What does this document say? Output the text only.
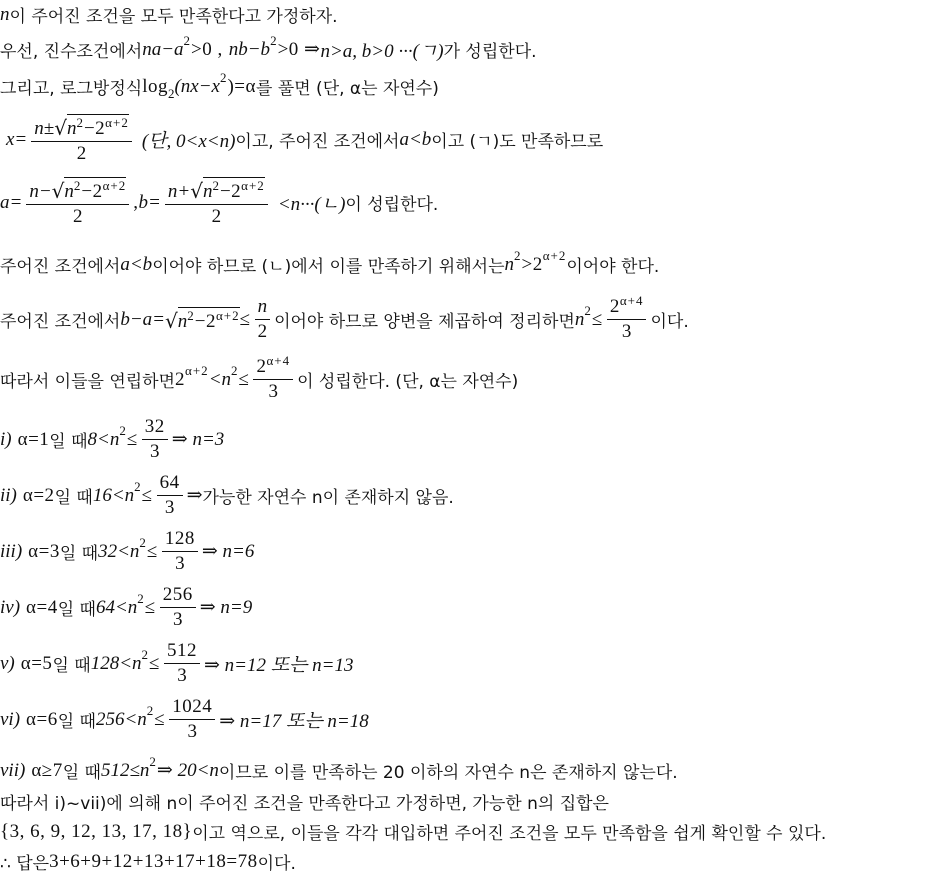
n 이 주어진 조건을 모두 만족한다고 가정하자.
우선, 진수조건에서 na−a 2 >0 , nb−b 2 >0 ⇒ n>a, b>0 ···(ㄱ) 가 성립한다.
그리고, 로그방정식 log 2 (nx−x 2 )=α 를 풀면 (단, α는 자연수)
x= n± √ n 2 −2 α+2
2
(단, 0<x<n) 이고, 주어진 조건에서 a<b 이고 (ㄱ)도 만족하므로
a= n− √ n 2 −2 α+2
2
, b= n+ √ n 2 −2 α+2
2
<n···(ㄴ) 이 성립한다.
주어진 조건에서 a<b 이어야 하므로 (ㄴ)에서 이를 만족하기 위해서는 n 2 >2 α+2
이어야 한다.
주어진 조건에서 b−a= √ n 2 −2 $\alpha+2 \le \frac{n}{2}$ 이어야 하므로 양변을 제곱하여 정리하면 n $2 \le \frac{2 \alpha+4}{3}$ 이다.
따라서 이들을 연립하면 2 α+2 <n $2 \le \frac{2 \alpha+4}{3}$ 이 성립한다. (단, α는 자연수)
i) α=1 일 때 8<n $2 \le \frac{32}{3}$ ⇒ n=3
ii) α=2 일 때 16<n $2 \le \frac{64}{3}$ ⇒ 가능한 자연수 n이 존재하지 않음.
iii) α=3 일 때 32<n $2 \le \frac{128}{3}$ ⇒ n=6
iv) α=4 일 때 64<n $2 \le \frac{256}{3}$ ⇒ n=9
v) α=5 일 때 128<n $2 \le \frac{512}{3}$ ⇒ n=12 또는 n=13
vi) α=6 일 때 256<n $2 \le \frac{1024}{3}$ ⇒ n=17 또는 n=18
vii) α≥7 일 때 512≤n 2 ⇒ 20<n 이므로 이를 만족하는 20 이하의 자연수 n은 존재하지 않는다.
따라서 i)~vii)에 의해 n이 주어진 조건을 만족한다고 가정하면, 가능한 n의 집합은
{3, 6, 9, 12, 13, 17, 18} 이고 역으로, 이들을 각각 대입하면 주어진 조건을 모두 만족함을 쉽게 확인할 수 있다.
∴ 답은 3+6+9+12+13+17+18=78 이다.
